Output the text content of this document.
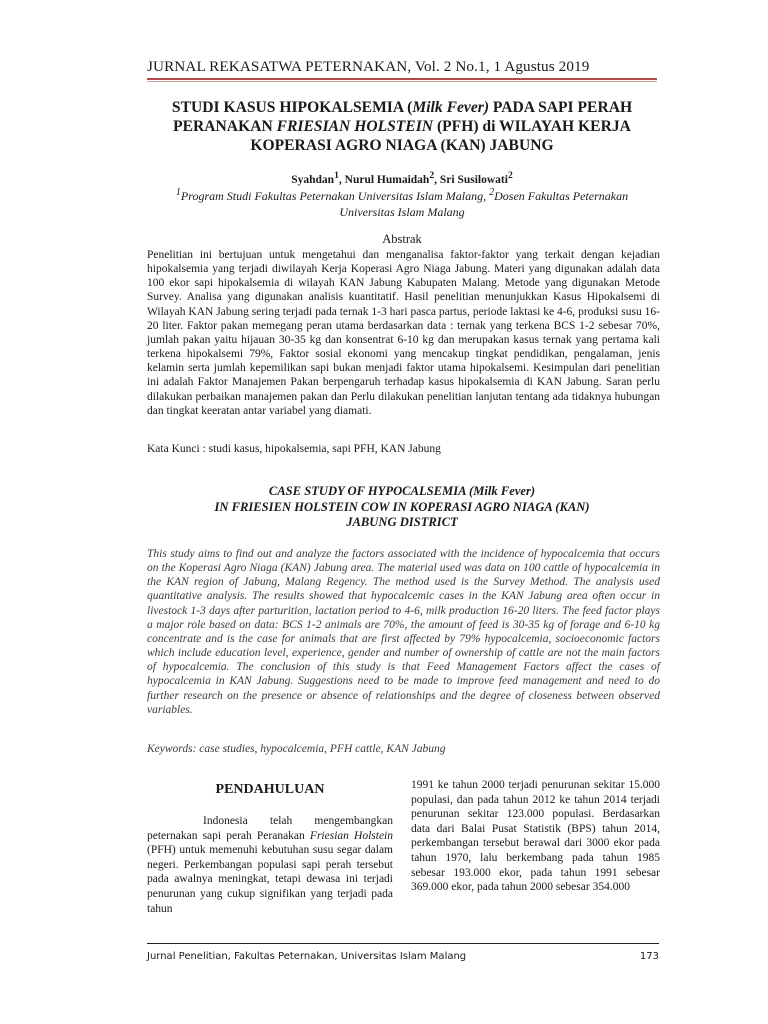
JURNAL REKASATWA PETERNAKAN, Vol. 2 No.1, 1 Agustus 2019
STUDI KASUS HIPOKALSEMIA (Milk Fever) PADA SAPI PERAH
PERANAKAN FRIESIAN HOLSTEIN (PFH) di WILAYAH KERJA
KOPERASI AGRO NIAGA (KAN) JABUNG
Syahdan$^1$, Nurul Humaidah$^2$, Sri Susilowati$^2$
$^1$Program Studi Fakultas Peternakan Universitas Islam Malang, $^2$Dosen Fakultas Peternakan Universitas Islam Malang
Abstrak
Penelitian ini bertujuan untuk mengetahui dan menganalisa faktor-faktor yang terkait dengan kejadian hipokalsemia yang terjadi diwilayah Kerja Koperasi Agro Niaga Jabung. Materi yang digunakan adalah data 100 ekor sapi hipokalsemia di wilayah KAN Jabung Kabupaten Malang. Metode yang digunakan Metode Survey. Analisa yang digunakan analisis kuantitatif. Hasil penelitian menunjukkan Kasus Hipokalsemi di Wilayah KAN Jabung sering terjadi pada ternak 1-3 hari pasca partus, periode laktasi ke 4-6, produksi susu 16-20 liter. Faktor pakan memegang peran utama berdasarkan data : ternak yang terkena BCS 1-2 sebesar 70%, jumlah pakan yaitu hijauan 30-35 kg dan konsentrat 6-10 kg dan merupakan kasus ternak yang pertama kali terkena hipokalsemi 79%, Faktor sosial ekonomi yang mencakup tingkat pendidikan, pengalaman, jenis kelamin serta jumlah kepemilikan sapi bukan menjadi faktor utama hipokalsemi. Kesimpulan dari penelitian ini adalah Faktor Manajemen Pakan berpengaruh terhadap kasus hipokalsemia di KAN Jabung. Saran perlu dilakukan perbaikan manajemen pakan dan Perlu dilakukan penelitian lanjutan tentang ada tidaknya hubungan dan tingkat keeratan antar variabel yang diamati.
Kata Kunci : studi kasus, hipokalsemia, sapi PFH, KAN Jabung
CASE STUDY OF HYPOCALSEMIA (Milk Fever)
IN FRIESIEN HOLSTEIN COW IN KOPERASI AGRO NIAGA (KAN)
JABUNG DISTRICT
This study aims to find out and analyze the factors associated with the incidence of hypocalcemia that occurs on the Koperasi Agro Niaga (KAN) Jabung area. The material used was data on 100 cattle of hypocalcemia in the KAN region of Jabung, Malang Regency. The method used is the Survey Method. The analysis used quantitative analysis. The results showed that hypocalcemic cases in the KAN Jabung area often occur in livestock 1-3 days after parturition, lactation period to 4-6, milk production 16-20 liters. The feed factor plays a major role based on data: BCS 1-2 animals are 70%, the amount of feed is 30-35 kg of forage and 6-10 kg concentrate and is the case for animals that are first affected by 79% hypocalcemia, socioeconomic factors which include education level, experience, gender and number of ownership of cattle are not the main factors of hypocalcemia. The conclusion of this study is that Feed Management Factors affect the cases of hypocalcemia in KAN Jabung. Suggestions need to be made to improve feed management and need to do further research on the presence or absence of relationships and the degree of closeness between observed variables.
Keywords: case studies, hypocalcemia, PFH cattle, KAN Jabung
PENDAHULUAN

Indonesia telah mengembangkan peternakan sapi perah Peranakan Friesian Holstein (PFH) untuk memenuhi kebutuhan susu segar dalam negeri. Perkembangan populasi sapi perah tersebut pada awalnya meningkat, tetapi dewasa ini terjadi penurunan yang cukup signifikan yang terjadi pada tahun

1991 ke tahun 2000 terjadi penurunan sekitar 15.000 populasi, dan pada tahun 2012 ke tahun 2014 terjadi penurunan sekitar 123.000 populasi. Berdasarkan data dari Balai Pusat Statistik (BPS) tahun 2014, perkembangan tersebut berawal dari 3000 ekor pada tahun 1970, lalu berkembang pada tahun 1985 sebesar 193.000 ekor, pada tahun 1991 sebesar 369.000 ekor, pada tahun 2000 sebesar 354.000
Jurnal Penelitian, Fakultas Peternakan, Universitas Islam Malang	173
